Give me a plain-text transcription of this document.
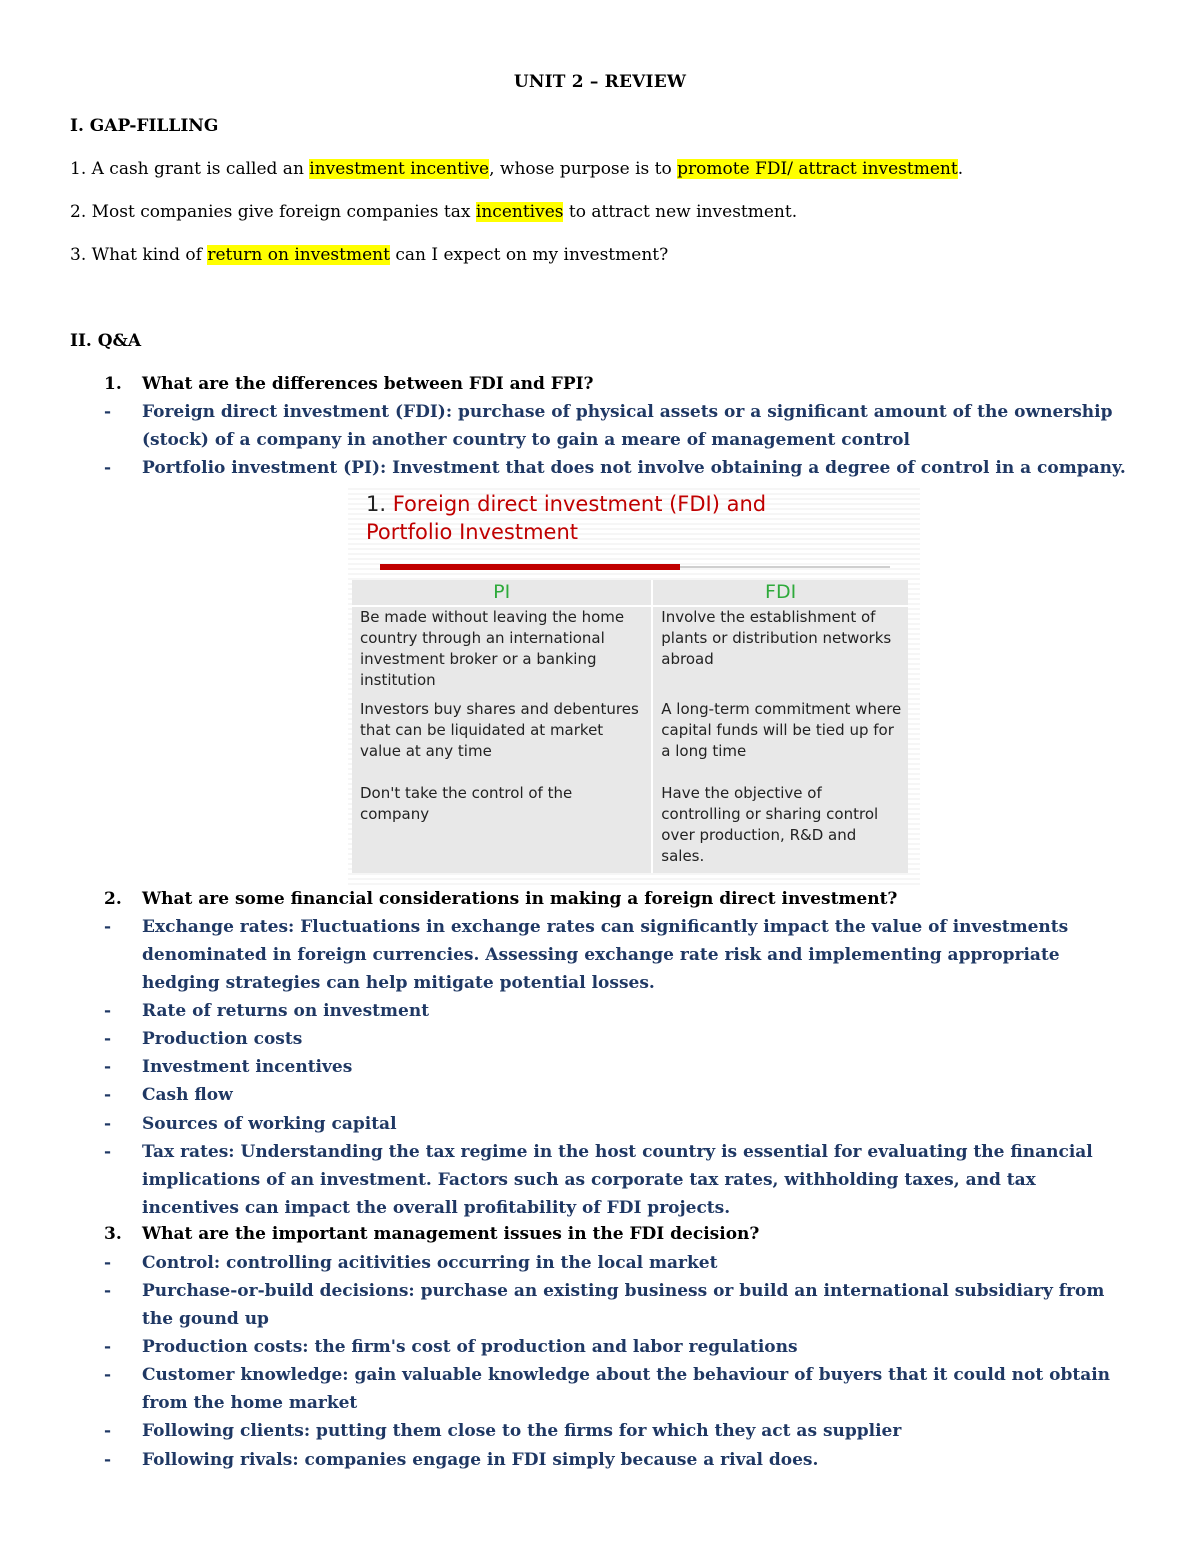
UNIT 2 – REVIEW
I. GAP-FILLING
1. A cash grant is called an investment incentive, whose purpose is to promote FDI/ attract investment.
2. Most companies give foreign companies tax incentives to attract new investment.
3. What kind of return on investment can I expect on my investment?
II. Q&A
1. What are the differences between FDI and FPI?
-	Foreign direct investment (FDI): purchase of physical assets or a significant amount of the ownership (stock) of a company in another country to gain a meare of management control
-	Portfolio investment (PI): Investment that does not involve obtaining a degree of control in a company.
1. Foreign direct investment (FDI) and
Portfolio Investment
PI	FDI
Be made without leaving the home country through an international investment broker or a banking institution	Involve the establishment of plants or distribution networks abroad
Investors buy shares and debentures that can be liquidated at market value at any time	A long-term commitment where capital funds will be tied up for a long time
Don't take the control of the company	Have the objective of controlling or sharing control over production, R&D and sales.
2. What are some financial considerations in making a foreign direct investment?
-	Exchange rates: Fluctuations in exchange rates can significantly impact the value of investments denominated in foreign currencies. Assessing exchange rate risk and implementing appropriate hedging strategies can help mitigate potential losses.
-	Rate of returns on investment
-	Production costs
-	Investment incentives
-	Cash flow
-	Sources of working capital
-	Tax rates: Understanding the tax regime in the host country is essential for evaluating the financial implications of an investment. Factors such as corporate tax rates, withholding taxes, and tax incentives can impact the overall profitability of FDI projects.
3. What are the important management issues in the FDI decision?
-	Control: controlling acitivities occurring in the local market
-	Purchase-or-build decisions: purchase an existing business or build an international subsidiary from the gound up
-	Production costs: the firm's cost of production and labor regulations
-	Customer knowledge: gain valuable knowledge about the behaviour of buyers that it could not obtain from the home market
-	Following clients: putting them close to the firms for which they act as supplier
-	Following rivals: companies engage in FDI simply because a rival does.
